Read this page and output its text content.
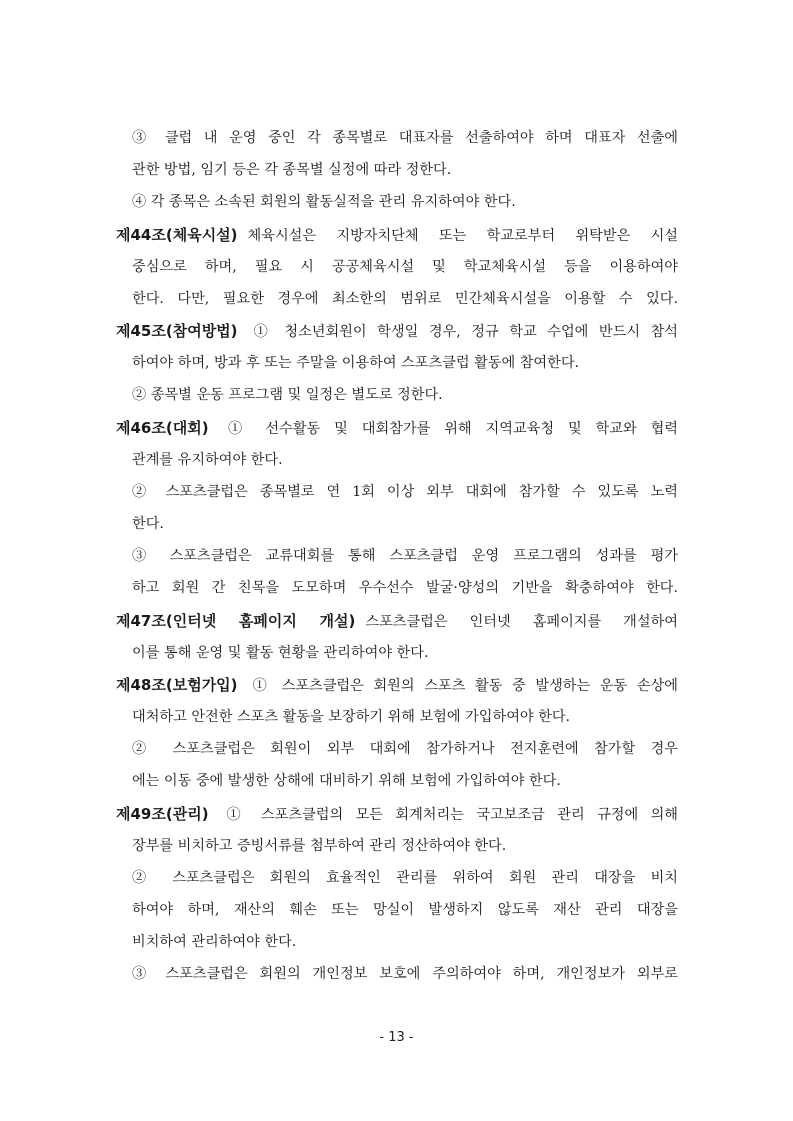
③ 클럽 내 운영 중인 각 종목별로 대표자를 선출하여야 하며 대표자 선출에
관한 방법, 임기 등은 각 종목별 실정에 따라 정한다.
④ 각 종목은 소속된 회원의 활동실적을 관리 유지하여야 한다.
제44조(체육시설) 체육시설은 지방자치단체 또는 학교로부터 위탁받은 시설
중심으로 하며, 필요 시 공공체육시설 및 학교체육시설 등을 이용하여야
한다. 다만, 필요한 경우에 최소한의 범위로 민간체육시설을 이용할 수 있다.
제45조(참여방법) ① 청소년회원이 학생일 경우, 정규 학교 수업에 반드시 참석
하여야 하며, 방과 후 또는 주말을 이용하여 스포츠클럽 활동에 참여한다.
② 종목별 운동 프로그램 및 일정은 별도로 정한다.
제46조(대회) ① 선수활동 및 대회참가를 위해 지역교육청 및 학교와 협력
관계를 유지하여야 한다.
② 스포츠클럽은 종목별로 연 1회 이상 외부 대회에 참가할 수 있도록 노력
한다.
③ 스포츠클럽은 교류대회를 통해 스포츠클럽 운영 프로그램의 성과를 평가
하고 회원 간 친목을 도모하며 우수선수 발굴·양성의 기반을 확충하여야 한다.
제47조(인터넷 홈페이지 개설) 스포츠클럽은 인터넷 홈페이지를 개설하여
이를 통해 운영 및 활동 현황을 관리하여야 한다.
제48조(보험가입) ① 스포츠클럽은 회원의 스포츠 활동 중 발생하는 운동 손상에
대처하고 안전한 스포츠 활동을 보장하기 위해 보험에 가입하여야 한다.
② 스포츠클럽은 회원이 외부 대회에 참가하거나 전지훈련에 참가할 경우
에는 이동 중에 발생한 상해에 대비하기 위해 보험에 가입하여야 한다.
제49조(관리) ① 스포츠클럽의 모든 회계처리는 국고보조금 관리 규정에 의해
장부를 비치하고 증빙서류를 첨부하여 관리 정산하여야 한다.
② 스포츠클럽은 회원의 효율적인 관리를 위하여 회원 관리 대장을 비치
하여야 하며, 재산의 훼손 또는 망실이 발생하지 않도록 재산 관리 대장을
비치하여 관리하여야 한다.
③ 스포츠클럽은 회원의 개인정보 보호에 주의하여야 하며, 개인정보가 외부로
- 13 -
